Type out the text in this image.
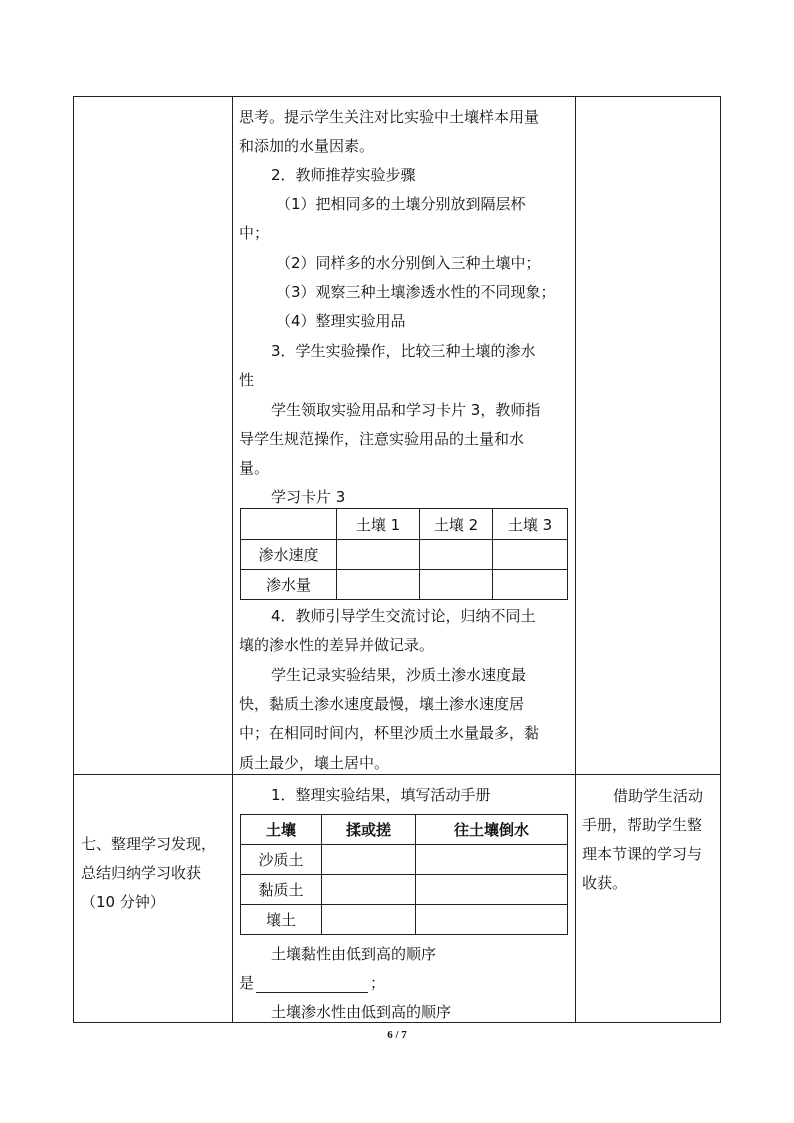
思考。提示学生关注对比实验中土壤样本用量
和添加的水量因素。
2．教师推荐实验步骤
（1）把相同多的土壤分别放到隔层杯
中；
（2）同样多的水分别倒入三种土壤中；
（3）观察三种土壤渗透水性的不同现象；
（4）整理实验用品
3．学生实验操作，比较三种土壤的渗水
性
学生领取实验用品和学习卡片 3，教师指
导学生规范操作，注意实验用品的土量和水
量。
学习卡片 3
	土壤 1	土壤 2	土壤 3
渗水速度			
渗水量			
4．教师引导学生交流讨论，归纳不同土
壤的渗水性的差异并做记录。
学生记录实验结果，沙质土渗水速度最
快，黏质土渗水速度最慢，壤土渗水速度居
中；在相同时间内，杯里沙质土水量最多，黏
质土最少，壤土居中。
七、整理学习发现，
总结归纳学习收获
（10 分钟）
1．整理实验结果，填写活动手册
土壤	揉或搓	往土壤倒水
沙质土		
黏质土		
壤土		
土壤黏性由低到高的顺序
是	；
土壤渗水性由低到高的顺序
借助学生活动
手册，帮助学生整
理本节课的学习与
收获。
6 / 7
